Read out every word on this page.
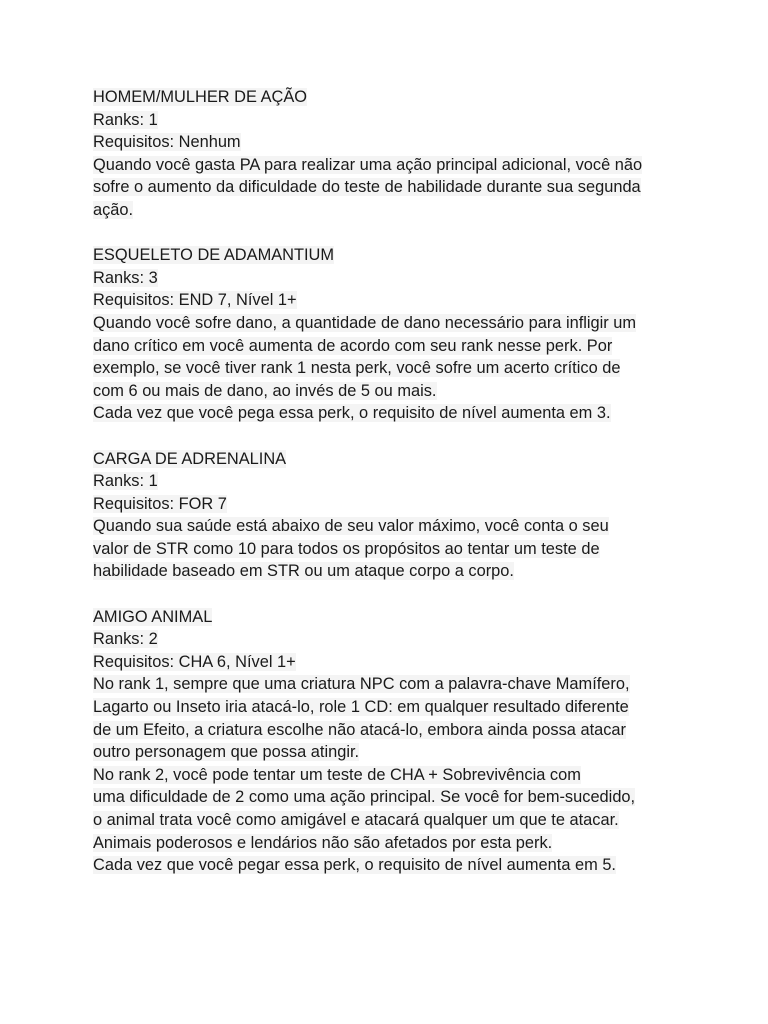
HOMEM/MULHER DE AÇÃO
Ranks: 1
Requisitos: Nenhum
Quando você gasta PA para realizar uma ação principal adicional, você não
sofre o aumento da dificuldade do teste de habilidade durante sua segunda
ação.
ESQUELETO DE ADAMANTIUM
Ranks: 3
Requisitos: END 7, Nível 1+
Quando você sofre dano, a quantidade de dano necessário para infligir um
dano crítico em você aumenta de acordo com seu rank nesse perk. Por
exemplo, se você tiver rank 1 nesta perk, você sofre um acerto crítico de
com 6 ou mais de dano, ao invés de 5 ou mais.
Cada vez que você pega essa perk, o requisito de nível aumenta em 3.
CARGA DE ADRENALINA
Ranks: 1
Requisitos: FOR 7
Quando sua saúde está abaixo de seu valor máximo, você conta o seu
valor de STR como 10 para todos os propósitos ao tentar um teste de
habilidade baseado em STR ou um ataque corpo a corpo.
AMIGO ANIMAL
Ranks: 2
Requisitos: CHA 6, Nível 1+
No rank 1, sempre que uma criatura NPC com a palavra-chave Mamífero,
Lagarto ou Inseto iria atacá-lo, role 1 CD: em qualquer resultado diferente
de um Efeito, a criatura escolhe não atacá-lo, embora ainda possa atacar
outro personagem que possa atingir.
No rank 2, você pode tentar um teste de CHA + Sobrevivência com
uma dificuldade de 2 como uma ação principal. Se você for bem-sucedido,
o animal trata você como amigável e atacará qualquer um que te atacar.
Animais poderosos e lendários não são afetados por esta perk.
Cada vez que você pegar essa perk, o requisito de nível aumenta em 5.
